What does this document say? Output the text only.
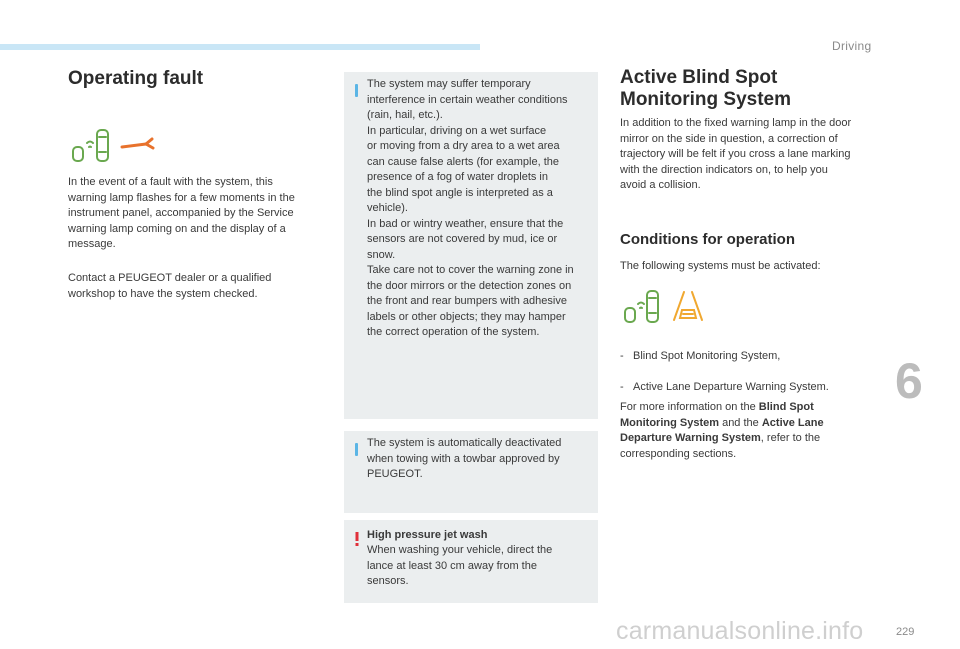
Driving
Operating fault

In the event of a fault with the system, this
warning lamp flashes for a few moments in the
instrument panel, accompanied by the Service
warning lamp coming on and the display of a
message.

Contact a PEUGEOT dealer or a qualified
workshop to have the system checked.

The system may suffer temporary
interference in certain weather conditions
(rain, hail, etc.).
In particular, driving on a wet surface
or moving from a dry area to a wet area
can cause false alerts (for example, the
presence of a fog of water droplets in
the blind spot angle is interpreted as a
vehicle).
In bad or wintry weather, ensure that the
sensors are not covered by mud, ice or
snow.
Take care not to cover the warning zone in
the door mirrors or the detection zones on
the front and rear bumpers with adhesive
labels or other objects; they may hamper
the correct operation of the system.

The system is automatically deactivated
when towing with a towbar approved by
PEUGEOT.

High pressure jet wash

When washing your vehicle, direct the
lance at least 30 cm away from the
sensors.

Active Blind Spot
Monitoring System

In addition to the fixed warning lamp in the door
mirror on the side in question, a correction of
trajectory will be felt if you cross a lane marking
with the direction indicators on, to help you
avoid a collision.

Conditions for operation

The following systems must be activated:

- Blind Spot Monitoring System,

- Active Lane Departure Warning System.

For more information on the Blind Spot
Monitoring System and the Active Lane
Departure Warning System, refer to the
corresponding sections.

6
229
carmanualsonline.info
